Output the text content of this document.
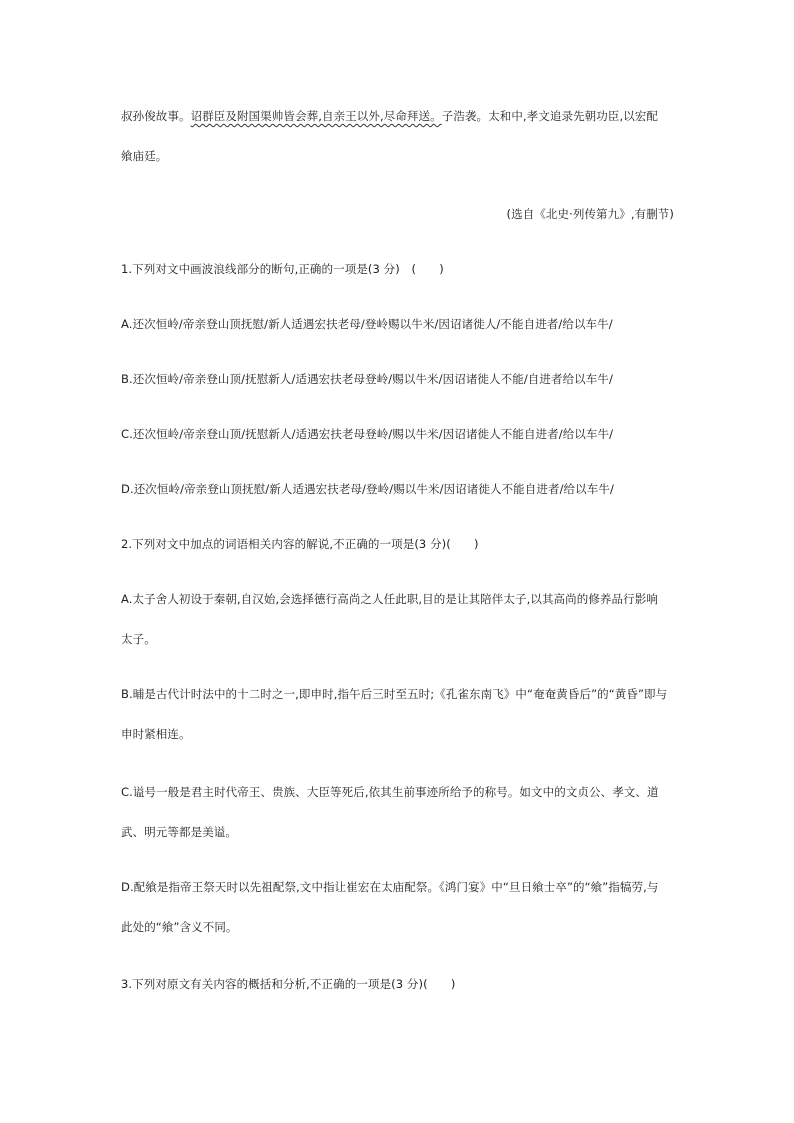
叔孙俊故事。诏群臣及附国渠帅皆会葬,自亲王以外,尽命拜送。子浩袭。太和中,孝文追录先朝功臣,以宏配
飨庙廷。
(选自《北史·列传第九》,有删节)
1.下列对文中画波浪线部分的断句,正确的一项是(3 分)　(　　)
A.还次恒岭/帝亲登山顶抚慰/新人适遇宏扶老母/登岭赐以牛米/因诏诸徙人/不能自进者/给以车牛/
B.还次恒岭/帝亲登山顶/抚慰新人/适遇宏扶老母登岭/赐以牛米/因诏诸徙人不能/自进者给以车牛/
C.还次恒岭/帝亲登山顶/抚慰新人/适遇宏扶老母登岭/赐以牛米/因诏诸徙人不能自进者/给以车牛/
D.还次恒岭/帝亲登山顶抚慰/新人适遇宏扶老母/登岭/赐以牛米/因诏诸徙人不能自进者/给以车牛/
2.下列对文中加点的词语相关内容的解说,不正确的一项是(3 分)(　　)
A.太子舍人初设于秦朝,自汉始,会选择德行高尚之人任此职,目的是让其陪伴太子,以其高尚的修养品行影响
太子。
B.晡是古代计时法中的十二时之一,即申时,指午后三时至五时;《孔雀东南飞》中“奄奄黄昏后”的“黄昏”即与
申时紧相连。
C.谥号一般是君主时代帝王、贵族、大臣等死后,依其生前事迹所给予的称号。如文中的文贞公、孝文、道
武、明元等都是美谥。
D.配飨是指帝王祭天时以先祖配祭,文中指让崔宏在太庙配祭。《鸿门宴》中“旦日飨士卒”的“飨”指犒劳,与
此处的“飨”含义不同。
3.下列对原文有关内容的概括和分析,不正确的一项是(3 分)(　　)
